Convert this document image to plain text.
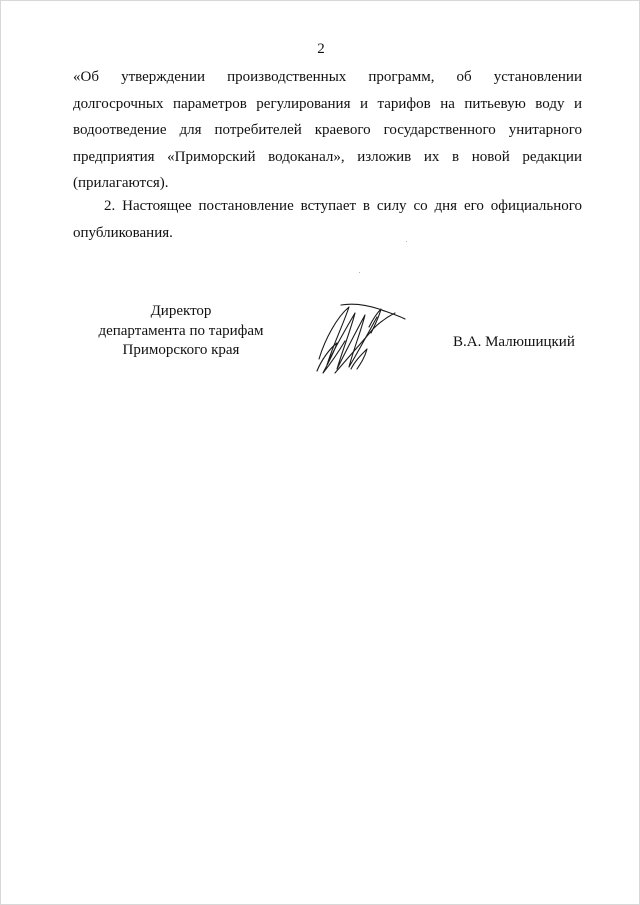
2

«Об утверждении производственных программ, об установлении долгосрочных параметров регулирования и тарифов на питьевую воду и водоотведение для потребителей краевого государственного унитарного предприятия «Приморский водоканал», изложив их в новой редакции (прилагаются).

2. Настоящее постановление вступает в силу со дня его официального опубликования.

Директор
департамента по тарифам
Приморского края	В.А. Малюшицкий
